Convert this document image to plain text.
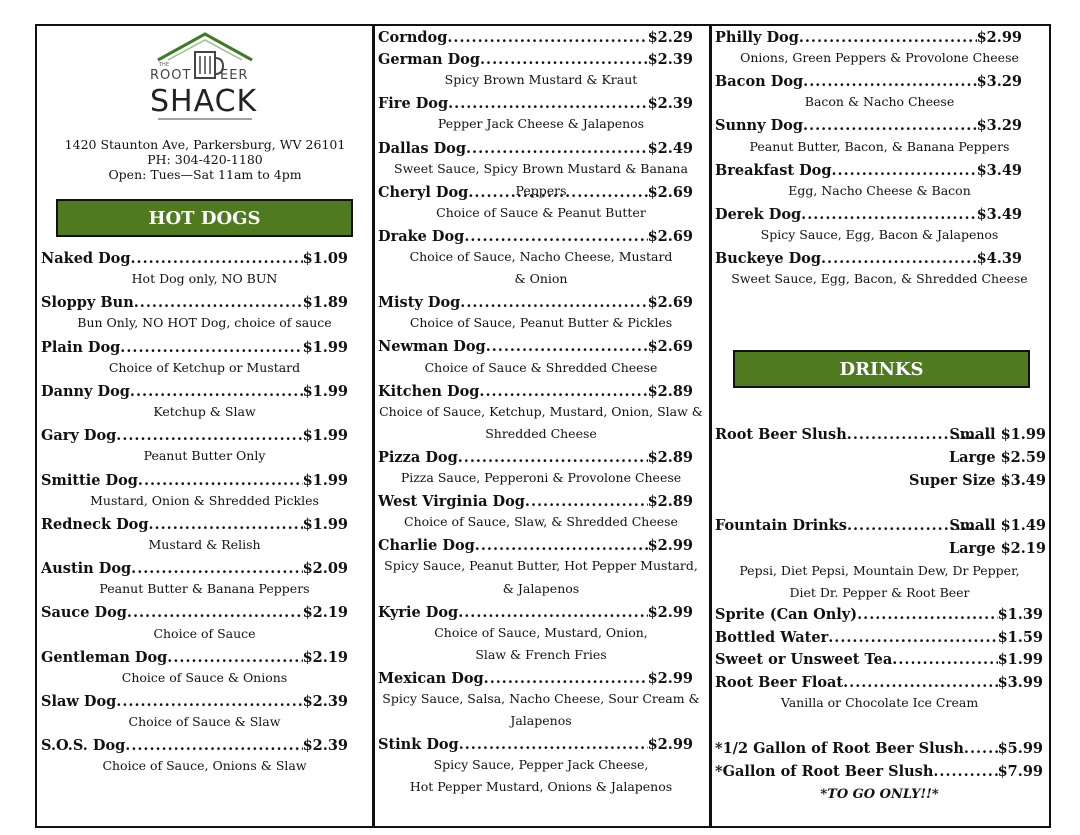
THE
ROOT EER
SHACK
1420 Staunton Ave, Parkersburg, WV 26101
PH: 304-420-1180
Open: Tues—Sat 11am to 4pm
HOT DOGS
DRINKS
Naked Dog .....	$1.09
Hot Dog only, NO BUN
Sloppy Bun .....	$1.89
Bun Only, NO HOT Dog, choice of sauce
Plain Dog .....	$1.99
Choice of Ketchup or Mustard
Danny Dog .....	$1.99
Ketchup & Slaw
Gary Dog .....	$1.99
Peanut Butter Only
Smittie Dog .....	$1.99
Mustard, Onion & Shredded Pickles
Redneck Dog .....	$1.99
Mustard & Relish
Austin Dog .....	$2.09
Peanut Butter & Banana Peppers
Sauce Dog .....	$2.19
Choice of Sauce
Gentleman Dog .....	$2.19
Choice of Sauce & Onions
Slaw Dog .....	$2.39
Choice of Sauce & Slaw
S.O.S. Dog .....	$2.39
Choice of Sauce, Onions & Slaw
Corndog .....	$2.29
German Dog .....	$2.39
Spicy Brown Mustard & Kraut
Fire Dog .....	$2.39
Pepper Jack Cheese & Jalapenos
Dallas Dog .....	$2.49
Sweet Sauce, Spicy Brown Mustard & Banana Peppers
Cheryl Dog .....	$2.69
Choice of Sauce & Peanut Butter
Drake Dog .....	$2.69
Choice of Sauce, Nacho Cheese, Mustard
& Onion
Misty Dog .....	$2.69
Choice of Sauce, Peanut Butter & Pickles
Newman Dog .....	$2.69
Choice of Sauce & Shredded Cheese
Kitchen Dog .....	$2.89
Choice of Sauce, Ketchup, Mustard, Onion, Slaw &
Shredded Cheese
Pizza Dog .....	$2.89
Pizza Sauce, Pepperoni & Provolone Cheese
West Virginia Dog .....	$2.89
Choice of Sauce, Slaw, & Shredded Cheese
Charlie Dog .....	$2.99
Spicy Sauce, Peanut Butter, Hot Pepper Mustard,
& Jalapenos
Kyrie Dog .....	$2.99
Choice of Sauce, Mustard, Onion,
Slaw & French Fries
Mexican Dog .....	$2.99
Spicy Sauce, Salsa, Nacho Cheese, Sour Cream &
Jalapenos
Stink Dog .....	$2.99
Spicy Sauce, Pepper Jack Cheese,
Hot Pepper Mustard, Onions & Jalapenos
Philly Dog .....	$2.99
Onions, Green Peppers & Provolone Cheese
Bacon Dog .....	$3.29
Bacon & Nacho Cheese
Sunny Dog .....	$3.29
Peanut Butter, Bacon, & Banana Peppers
Breakfast Dog .....	$3.49
Egg, Nacho Cheese & Bacon
Derek Dog .....	$3.49
Spicy Sauce, Egg, Bacon & Jalapenos
Buckeye Dog .....	$4.39
Sweet Sauce, Egg, Bacon, & Shredded Cheese
Root Beer Slush .....	Small $1.99
Large $2.59
Super Size $3.49
Fountain Drinks .....	Small $1.49
Large $2.19
Pepsi, Diet Pepsi, Mountain Dew, Dr Pepper,
Diet Dr. Pepper & Root Beer
Sprite (Can Only) .....	$1.39
Bottled Water .....	$1.59
Sweet or Unsweet Tea .....	$1.99
Root Beer Float .....	$3.99
Vanilla or Chocolate Ice Cream
*1/2 Gallon of Root Beer Slush ..... $5.99
*Gallon of Root Beer Slush .....	$7.99
*TO GO ONLY!!*
